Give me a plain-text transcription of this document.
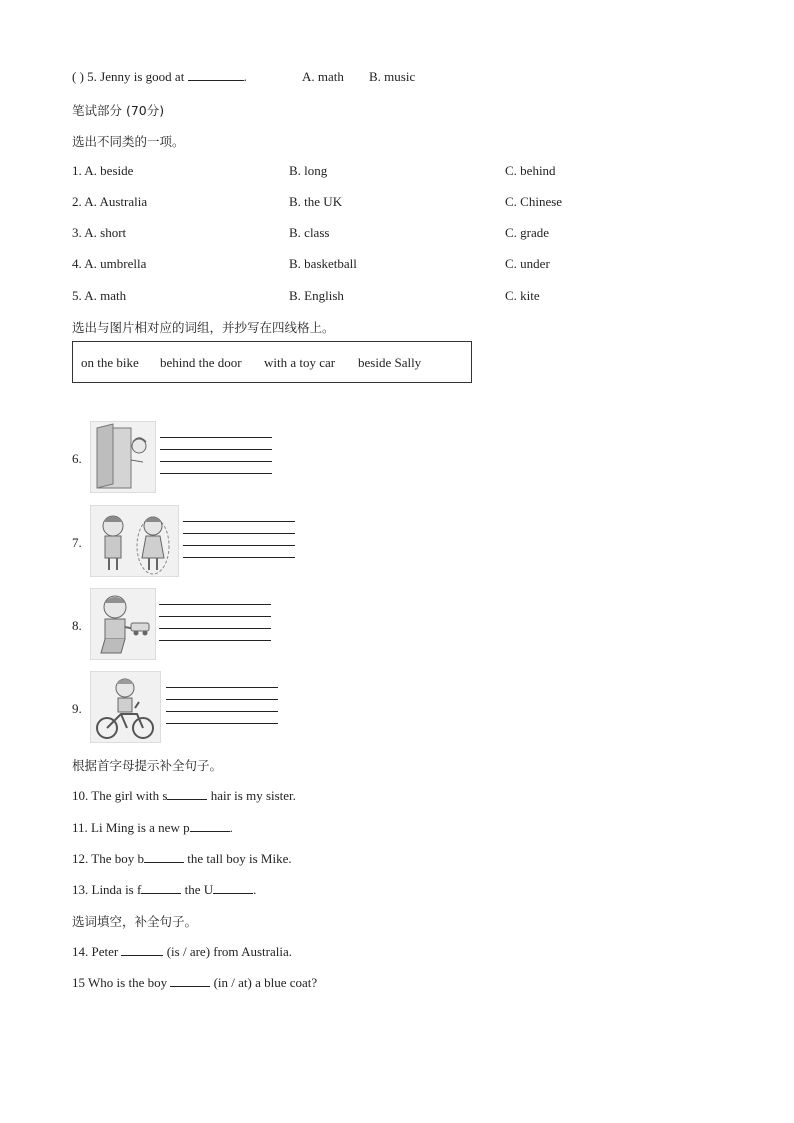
( ) 5. Jenny is good at	.	A. math B. music
笔试部分 (70分)
选出不同类的一项。
1. A. beside	B. long	C. behind
2. A. Australia	B. the UK	C. Chinese
3. A. short	B. class	C. grade
4. A. umbrella	B. basketball	C. under
5. A. math	B. English	C. kite
选出与图片相对应的词组，并抄写在四线格上。
on the bike behind the door with a toy car beside Sally
6.
7.
8.
9.
根据首字母提示补全句子。
10. The girl with s	hair is my sister.
11. Li Ming is a new p	.
12. The boy b	the tall boy is Mike.
13. Linda is f	the U	.
选词填空，补全句子。
14. Peter	(is / are) from Australia.
15 Who is the boy	(in / at) a blue coat?
